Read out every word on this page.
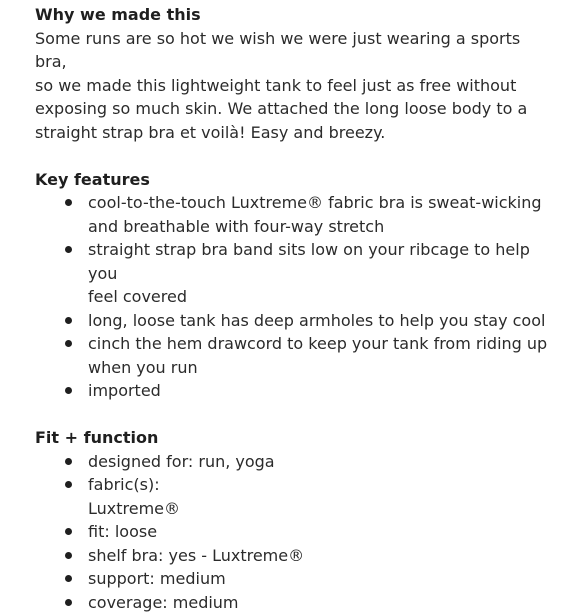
Why we made this

Some runs are so hot we wish we were just wearing a sports bra,
so we made this lightweight tank to feel just as free without
exposing so much skin. We attached the long loose body to a
straight strap bra et voilà! Easy and breezy.

Key features
cool-to-the-touch Luxtreme® fabric bra is sweat-wicking
and breathable with four-way stretch
straight strap bra band sits low on your ribcage to help you
feel covered
long, loose tank has deep armholes to help you stay cool
cinch the hem drawcord to keep your tank from riding up
when you run
imported
Fit + function
designed for: run, yoga
fabric(s):
Luxtreme®
fit: loose
shelf bra: yes - Luxtreme®
support: medium
coverage: medium
